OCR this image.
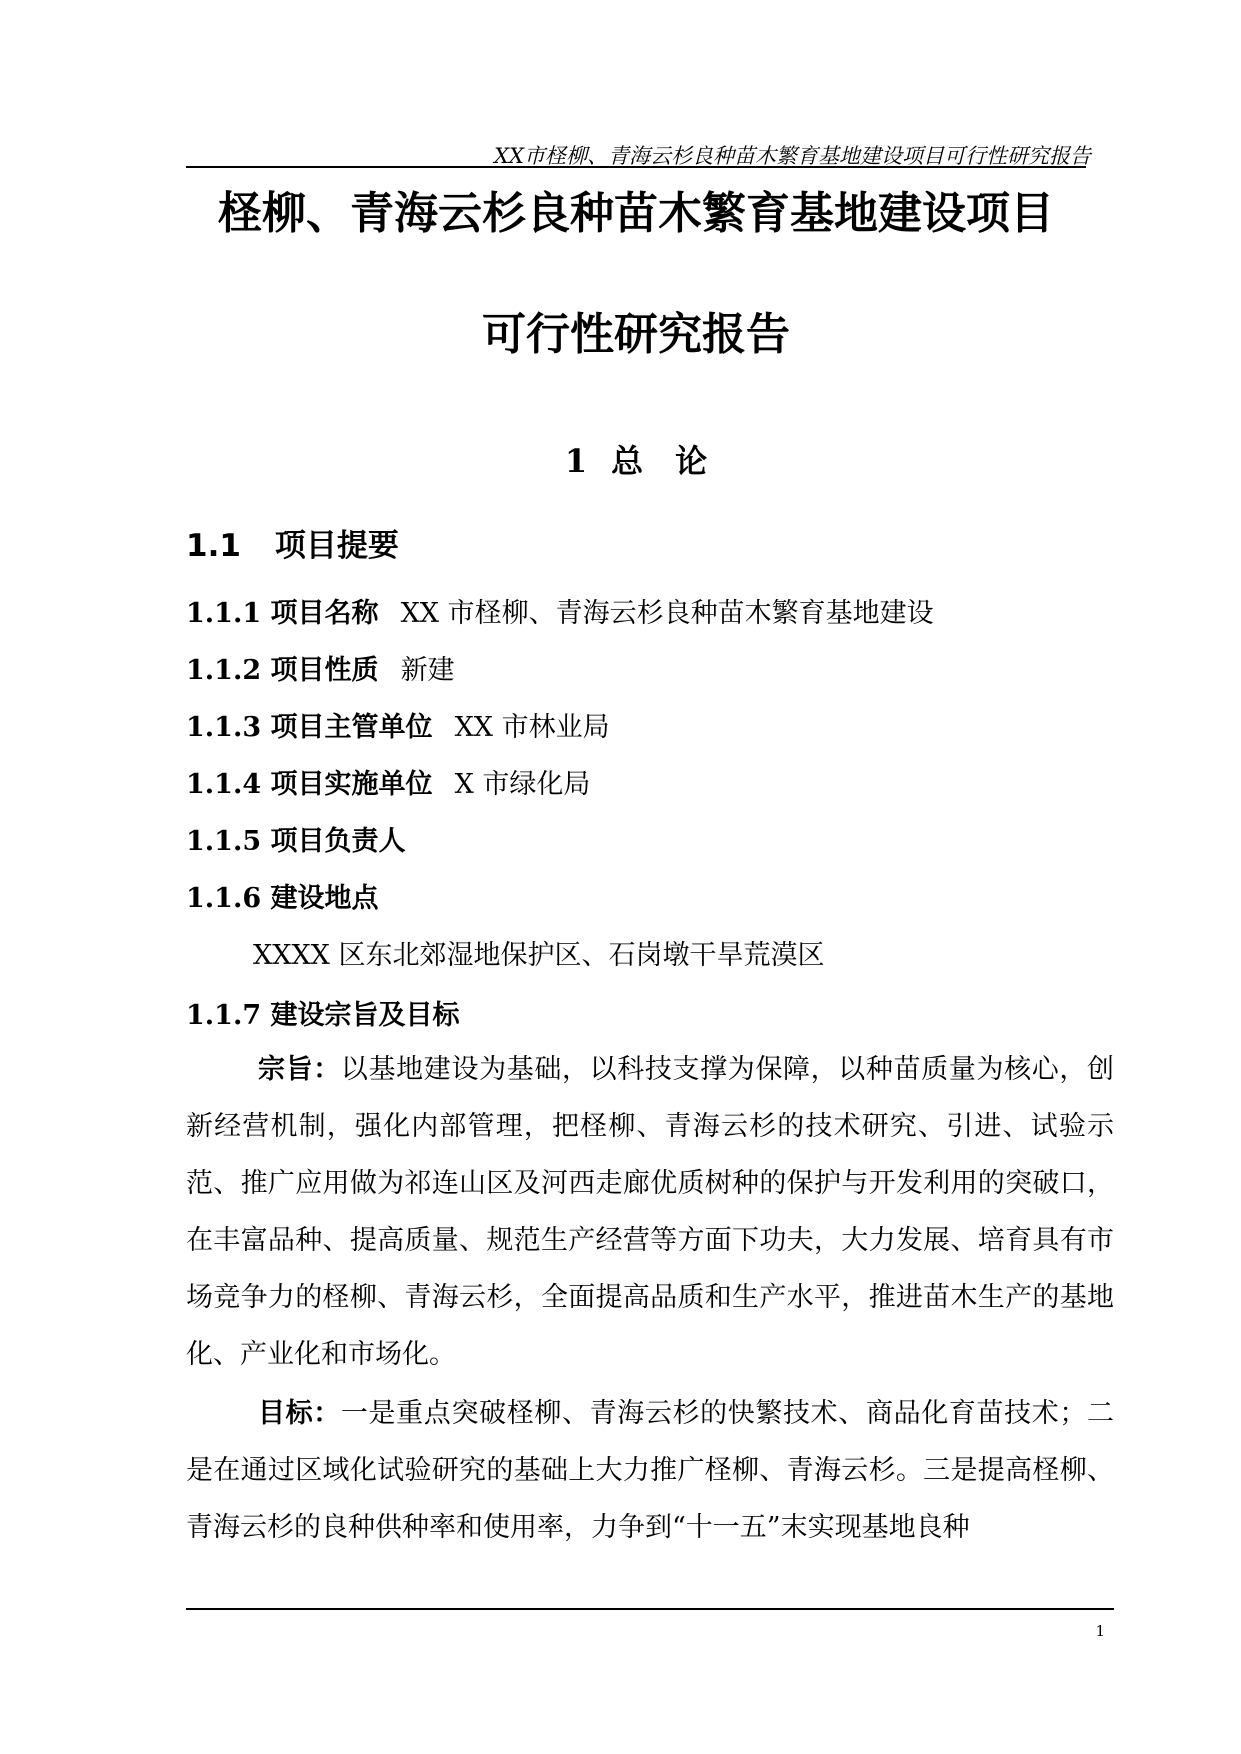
XX市柽柳、青海云杉良种苗木繁育基地建设项目可行性研究报告
柽柳、青海云杉良种苗木繁育基地建设项目
可行性研究报告
1 总 论
1.1 项目提要
1.1.1 项目名称 XX 市柽柳、青海云杉良种苗木繁育基地建设
1.1.2 项目性质 新建
1.1.3 项目主管单位 XX 市林业局
1.1.4 项目实施单位 X 市绿化局
1.1.5 项目负责人
1.1.6 建设地点
XXXX 区东北郊湿地保护区、石岗墩干旱荒漠区
1.1.7 建设宗旨及目标

宗旨：以基地建设为基础，以科技支撑为保障，以种苗质量为核心，创新经营机制，强化内部管理，把柽柳、青海云杉的技术研究、引进、试验示范、推广应用做为祁连山区及河西走廊优质树种的保护与开发利用的突破口，在丰富品种、提高质量、规范生产经营等方面下功夫，大力发展、培育具有市场竞争力的柽柳、青海云杉，全面提高品质和生产水平，推进苗木生产的基地化、产业化和市场化。

目标：一是重点突破柽柳、青海云杉的快繁技术、商品化育苗技术；二是在通过区域化试验研究的基础上大力推广柽柳、青海云杉。三是提高柽柳、青海云杉的良种供种率和使用率，力争到“十一五”末实现基地良种

1
